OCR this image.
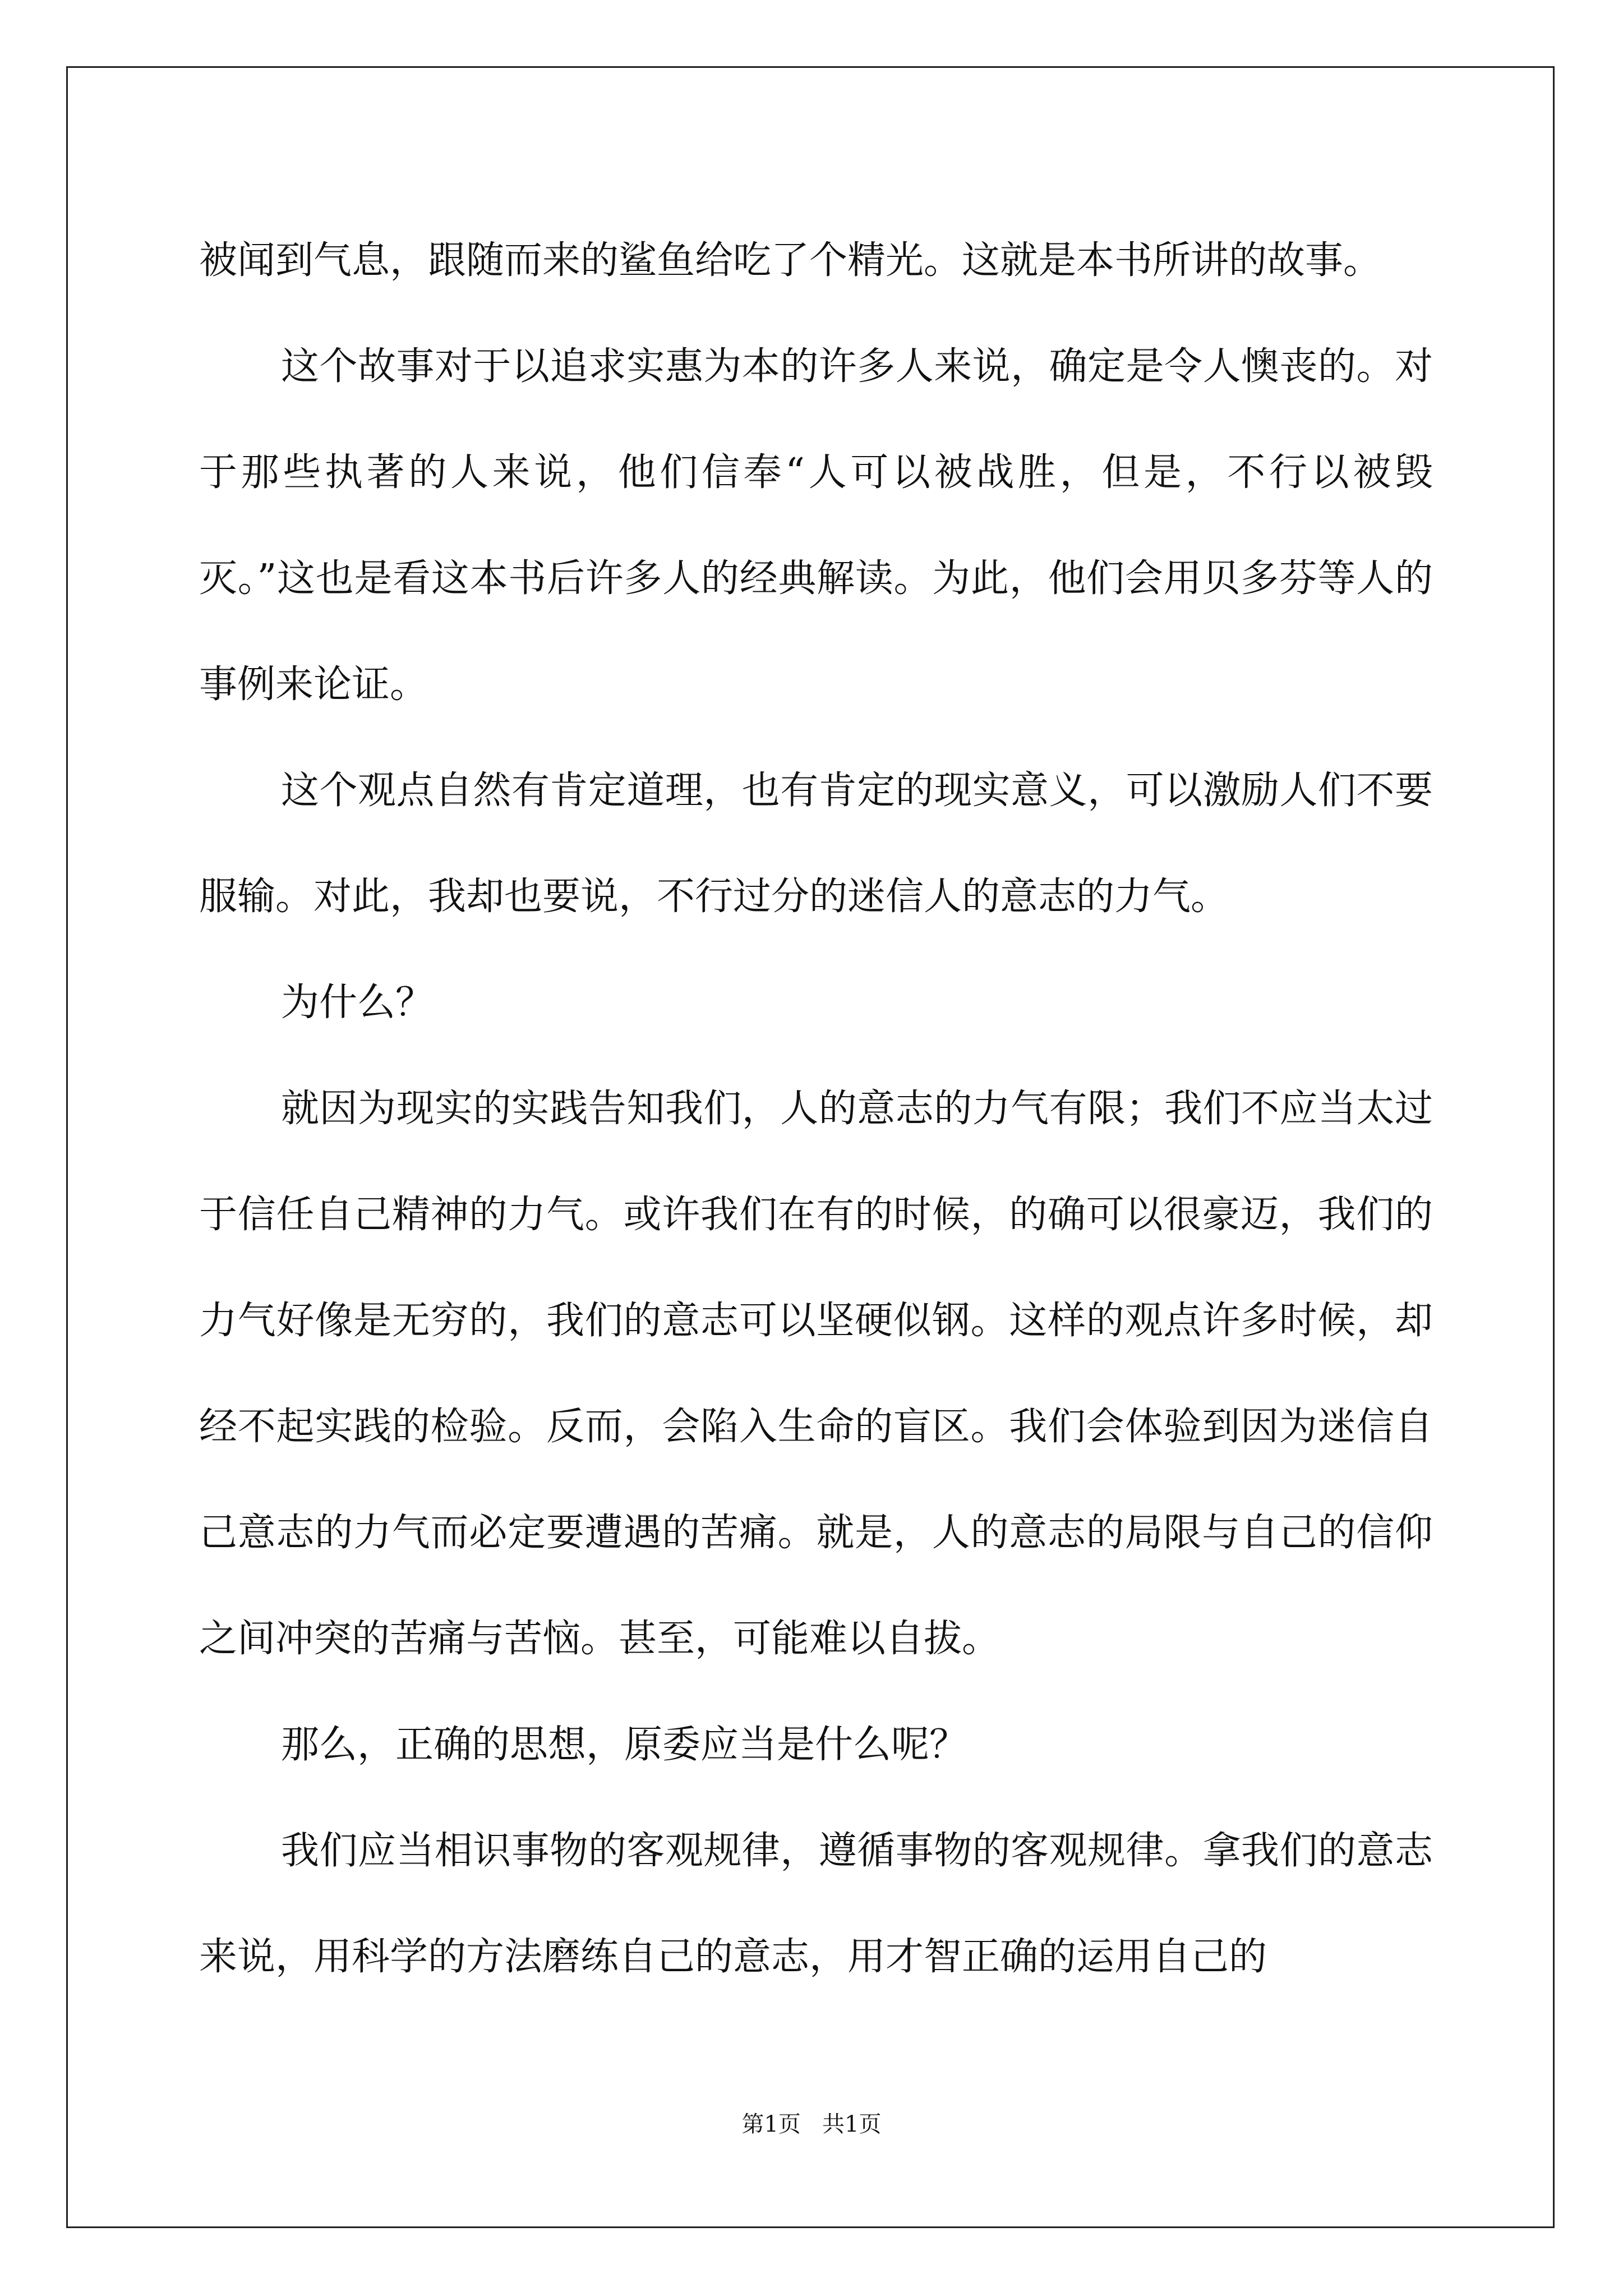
被闻到气息，跟随而来的鲨鱼给吃了个精光。这就是本书所讲的故事。

这个故事对于以追求实惠为本的许多人来说，确定是令人懊丧的。对于那些执著的人来说，他们信奉“人可以被战胜，但是，不行以被毁灭。”这也是看这本书后许多人的经典解读。为此，他们会用贝多芬等人的事例来论证。

这个观点自然有肯定道理，也有肯定的现实意义，可以激励人们不要服输。对此，我却也要说，不行过分的迷信人的意志的力气。

为什么？

就因为现实的实践告知我们，人的意志的力气有限；我们不应当太过于信任自己精神的力气。或许我们在有的时候，的确可以很豪迈，我们的力气好像是无穷的，我们的意志可以坚硬似钢。这样的观点许多时候，却经不起实践的检验。反而，会陷入生命的盲区。我们会体验到因为迷信自己意志的力气而必定要遭遇的苦痛。就是，人的意志的局限与自己的信仰之间冲突的苦痛与苦恼。甚至，可能难以自拔。

那么，正确的思想，原委应当是什么呢？

我们应当相识事物的客观规律，遵循事物的客观规律。拿我们的意志来说，用科学的方法磨练自己的意志，用才智正确的运用自己的

第1页   共1页
